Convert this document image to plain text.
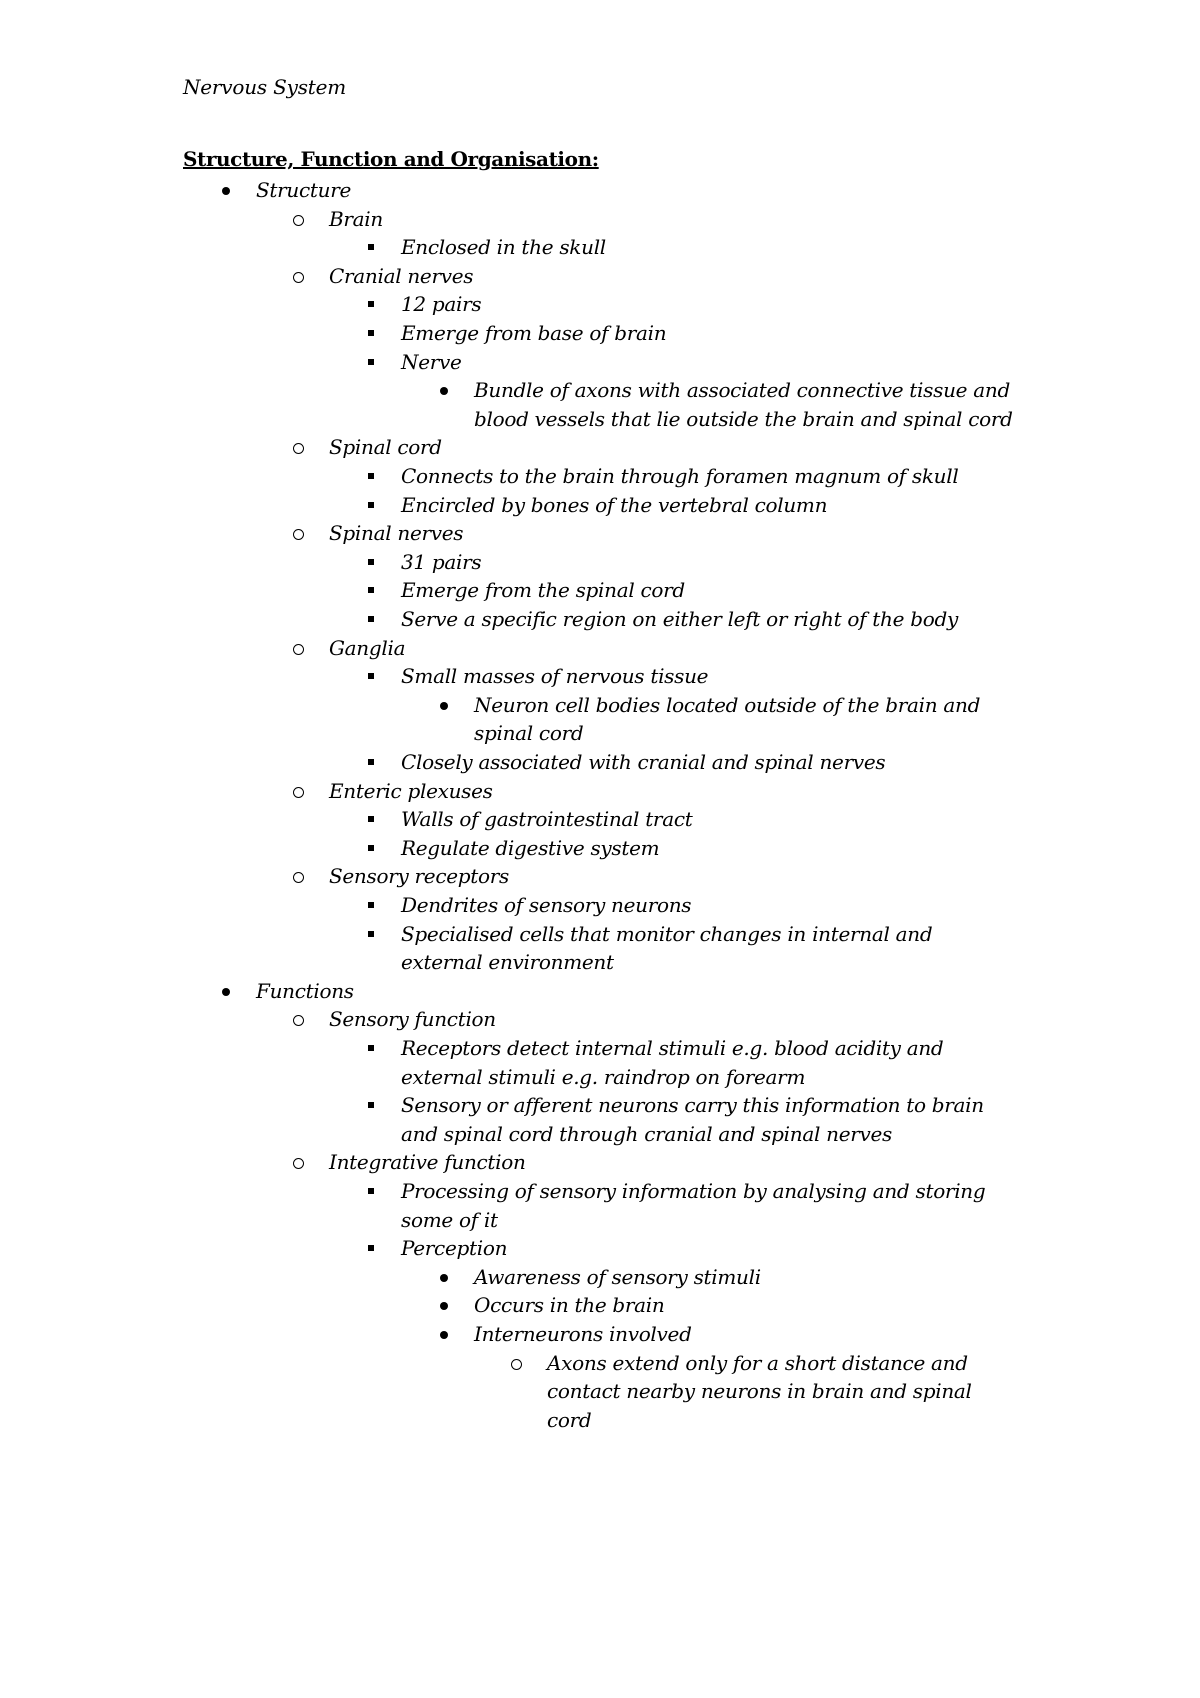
Nervous System
Structure, Function and Organisation:
Structure
Brain
Enclosed in the skull
Cranial nerves
12 pairs
Emerge from base of brain
Nerve
Bundle of axons with associated connective tissue and
blood vessels that lie outside the brain and spinal cord
Spinal cord
Connects to the brain through foramen magnum of skull
Encircled by bones of the vertebral column
Spinal nerves
31 pairs
Emerge from the spinal cord
Serve a specific region on either left or right of the body
Ganglia
Small masses of nervous tissue
Neuron cell bodies located outside of the brain and
spinal cord
Closely associated with cranial and spinal nerves
Enteric plexuses
Walls of gastrointestinal tract
Regulate digestive system
Sensory receptors
Dendrites of sensory neurons
Specialised cells that monitor changes in internal and
external environment
Functions
Sensory function
Receptors detect internal stimuli e.g. blood acidity and
external stimuli e.g. raindrop on forearm
Sensory or afferent neurons carry this information to brain
and spinal cord through cranial and spinal nerves
Integrative function
Processing of sensory information by analysing and storing
some of it
Perception
Awareness of sensory stimuli
Occurs in the brain
Interneurons involved
Axons extend only for a short distance and
contact nearby neurons in brain and spinal
cord
